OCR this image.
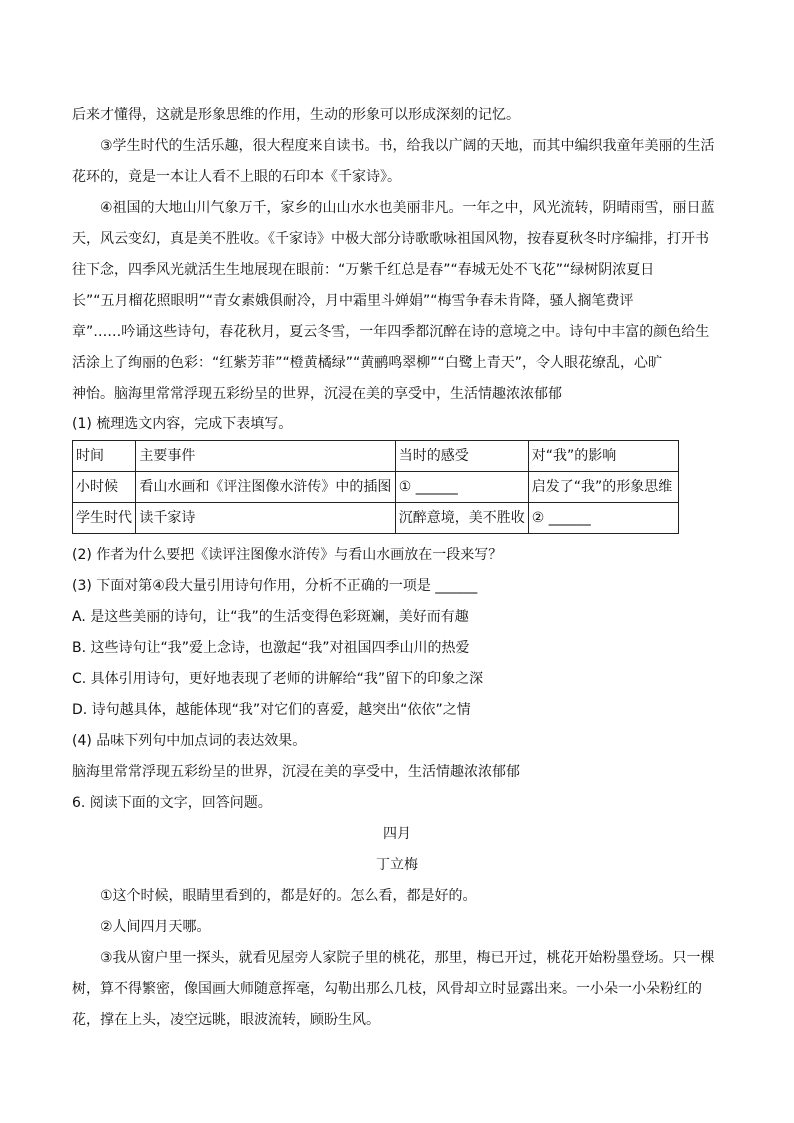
后来才懂得，这就是形象思维的作用，生动的形象可以形成深刻的记忆。

③学生时代的生活乐趣，很大程度来自读书。书，给我以广阔的天地，而其中编织我童年美丽的生活花环的，竟是一本让人看不上眼的石印本《千家诗》。

④祖国的大地山川气象万千，家乡的山山水水也美丽非凡。一年之中，风光流转，阴晴雨雪，丽日蓝

天，风云变幻，真是美不胜收。《千家诗》中极大部分诗歌歌咏祖国风物，按春夏秋冬时序编排，打开书

往下念，四季风光就活生生地展现在眼前：“万紫千红总是春”“春城无处不飞花”“绿树阴浓夏日

长”“五月榴花照眼明”“青女素娥俱耐冷，月中霜里斗婵娟”“梅雪争春未肯降，骚人搁笔费评

章”……吟诵这些诗句，春花秋月，夏云冬雪，一年四季都沉醉在诗的意境之中。诗句中丰富的颜色给生

活涂上了绚丽的色彩：“红紫芳菲”“橙黄橘绿”“黄鹂鸣翠柳”“白鹭上青天”，令人眼花缭乱，心旷

神怡。脑海里常常浮现五彩纷呈的世界，沉浸在美的享受中，生活情趣浓浓郁郁

(1) 梳理选文内容，完成下表填写。

时间	主要事件	当时的感受	对“我”的影响
小时候	看山水画和《评注图像水浒传》中的插图	① ______	启发了“我”的形象思维
学生时代	读千家诗	沉醉意境，美不胜收	② ______

(2) 作者为什么要把《读评注图像水浒传》与看山水画放在一段来写？

(3) 下面对第④段大量引用诗句作用，分析不正确的一项是 ______

A. 是这些美丽的诗句，让“我”的生活变得色彩斑斓，美好而有趣

B. 这些诗句让“我”爱上念诗，也激起“我”对祖国四季山川的热爱

C. 具体引用诗句，更好地表现了老师的讲解给“我”留下的印象之深

D. 诗句越具体，越能体现“我”对它们的喜爱，越突出“依依”之情

(4) 品味下列句中加点词的表达效果。

脑海里常常浮现五彩纷呈的世界，沉浸在美的享受中，生活情趣浓浓郁郁

6. 阅读下面的文字，回答问题。

四月

丁立梅

①这个时候，眼睛里看到的，都是好的。怎么看，都是好的。

②人间四月天哪。

③我从窗户里一探头，就看见屋旁人家院子里的桃花，那里，梅已开过，桃花开始粉墨登场。只一棵

树，算不得繁密，像国画大师随意挥毫，勾勒出那么几枝，风骨却立时显露出来。一小朵一小朵粉红的

花，撑在上头，凌空远眺，眼波流转，顾盼生风。
